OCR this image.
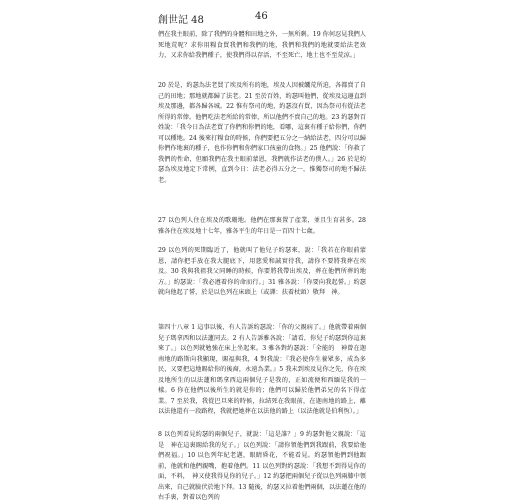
創世記 48	46

們在我主眼前，除了我們的身體和田地之外，一無所剩。19 你何忍見我們人死地荒呢？求你用糧食買我們和我們的地，我們和我們的地就要給法老效力，又求你給我們種子，使我們得以存活，不至死亡，地土也不至荒涼。」

20 於是，約瑟為法老買了埃及所有的地，埃及人因被饑荒所迫，各都賣了自己的田地；那地就都歸了法老。21 至於百姓，約瑟叫他們，從埃及這邊直到埃及那邊，都各歸各城。22 惟有祭司的地，約瑟沒有買，因為祭司有從法老所得的常俸。他們吃法老所給的常俸，所以他們不賣自己的地。23 約瑟對百姓說：「我今日為法老買了你們和你們的地，看哪，這裏有種子給你們，你們可以種地。24 後來打糧食的時候，你們要把五分之一納給法老，四分可以歸你們作地裏的種子，也作你們和你們家口孩童的食物。」25 他們說：「你救了我們的性命，但願我們在我主眼前蒙恩，我們就作法老的僕人。」26 於是約瑟為埃及地定下常例，直到今日：法老必得五分之一，惟獨祭司的地不歸法老。

27 以色列人住在埃及的歌珊地。他們在那裏置了產業，並且生育甚多。28 雅各住在埃及地十七年，雅各平生的年日是一百四十七歲。

29 以色列的死期臨近了，他就叫了他兒子約瑟來，說：「我若在你眼前蒙恩，請你把手放在我大腿底下，用慈愛和誠實待我，請你不要將我葬在埃及。30 我與我祖我父同睡的時候，你要將我帶出埃及，葬在他們所葬的地方。」約瑟說：「我必遵着你的命而行。」31 雅各說：「你要向我起誓。」約瑟就向他起了誓，於是以色列在床頭上（或譯：扶着杖頭）敬拜　神。

第四十八章 1 這事以後，有人告訴約瑟說：「你的父親病了。」他就帶着兩個兒子瑪拿西和以法蓮同去。2 有人告訴雅各說：「請看，你兒子約瑟到你這裏來了。」以色列就勉強在床上坐起來。3 雅各對約瑟說：「全能的　神曾在迦南地的路斯向我顯現，賜福與我，4 對我說：『我必使你生養眾多，成為多民，又要把這地賜給你的後裔，永遠為業。』5 我未到埃及見你之先，你在埃及地所生的以法蓮和瑪拿西這兩個兒子是我的，正如流便和西緬是我的一樣。6 你在他們以後所生的就是你的；他們可以歸於他們弟兄的名下得產業。7 至於我，我從巴旦來的時候，拉結死在我眼前，在迦南地的路上，離以法他還有一段路程，我就把她葬在以法他的路上（以法他就是伯利恆）。」

8 以色列看見約瑟的兩個兒子，就說：「這是誰？」9 約瑟對他父親說：「這是　神在這裏賜給我的兒子。」以色列說：「請你領他們到我跟前，我要給他們祝福。」10 以色列年紀老邁，眼睛昏花，不能看見。約瑟領他們到他跟前，他就和他們親嘴，抱着他們。11 以色列對約瑟說：「我想不到得見你的面，不料，　神又使我得見你的兒子。」12 約瑟把兩個兒子從以色列兩膝中領出來，自己就臉伏於地下拜。13 隨後，約瑟又拉着他們兩個，以法蓮在他的右手裏，對着以色列的
